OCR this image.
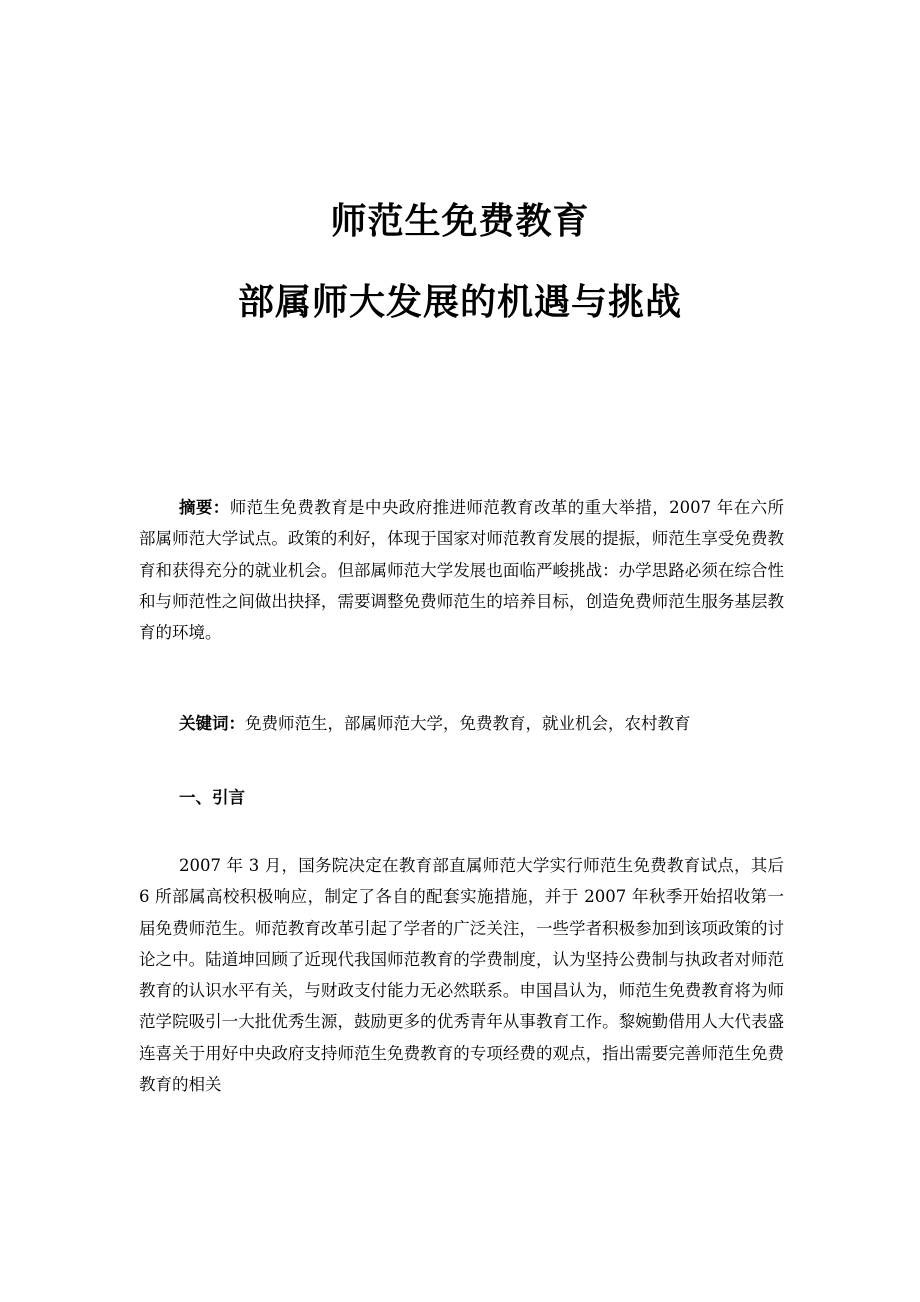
师范生免费教育
部属师大发展的机遇与挑战

摘要：师范生免费教育是中央政府推进师范教育改革的重大举措，2007 年在六所部属师范大学试点。政策的利好，体现于国家对师范教育发展的提振，师范生享受免费教育和获得充分的就业机会。但部属师范大学发展也面临严峻挑战：办学思路必须在综合性和与师范性之间做出抉择，需要调整免费师范生的培养目标，创造免费师范生服务基层教育的环境。

关键词：免费师范生，部属师范大学，免费教育，就业机会，农村教育

一、引言

2007 年 3 月，国务院决定在教育部直属师范大学实行师范生免费教育试点，其后 6 所部属高校积极响应，制定了各自的配套实施措施，并于 2007 年秋季开始招收第一届免费师范生。师范教育改革引起了学者的广泛关注，一些学者积极参加到该项政策的讨论之中。陆道坤回顾了近现代我国师范教育的学费制度，认为坚持公费制与执政者对师范教育的认识水平有关，与财政支付能力无必然联系。申国昌认为，师范生免费教育将为师范学院吸引一大批优秀生源，鼓励更多的优秀青年从事教育工作。黎婉勤借用人大代表盛连喜关于用好中央政府支持师范生免费教育的专项经费的观点，指出需要完善师范生免费教育的相关
